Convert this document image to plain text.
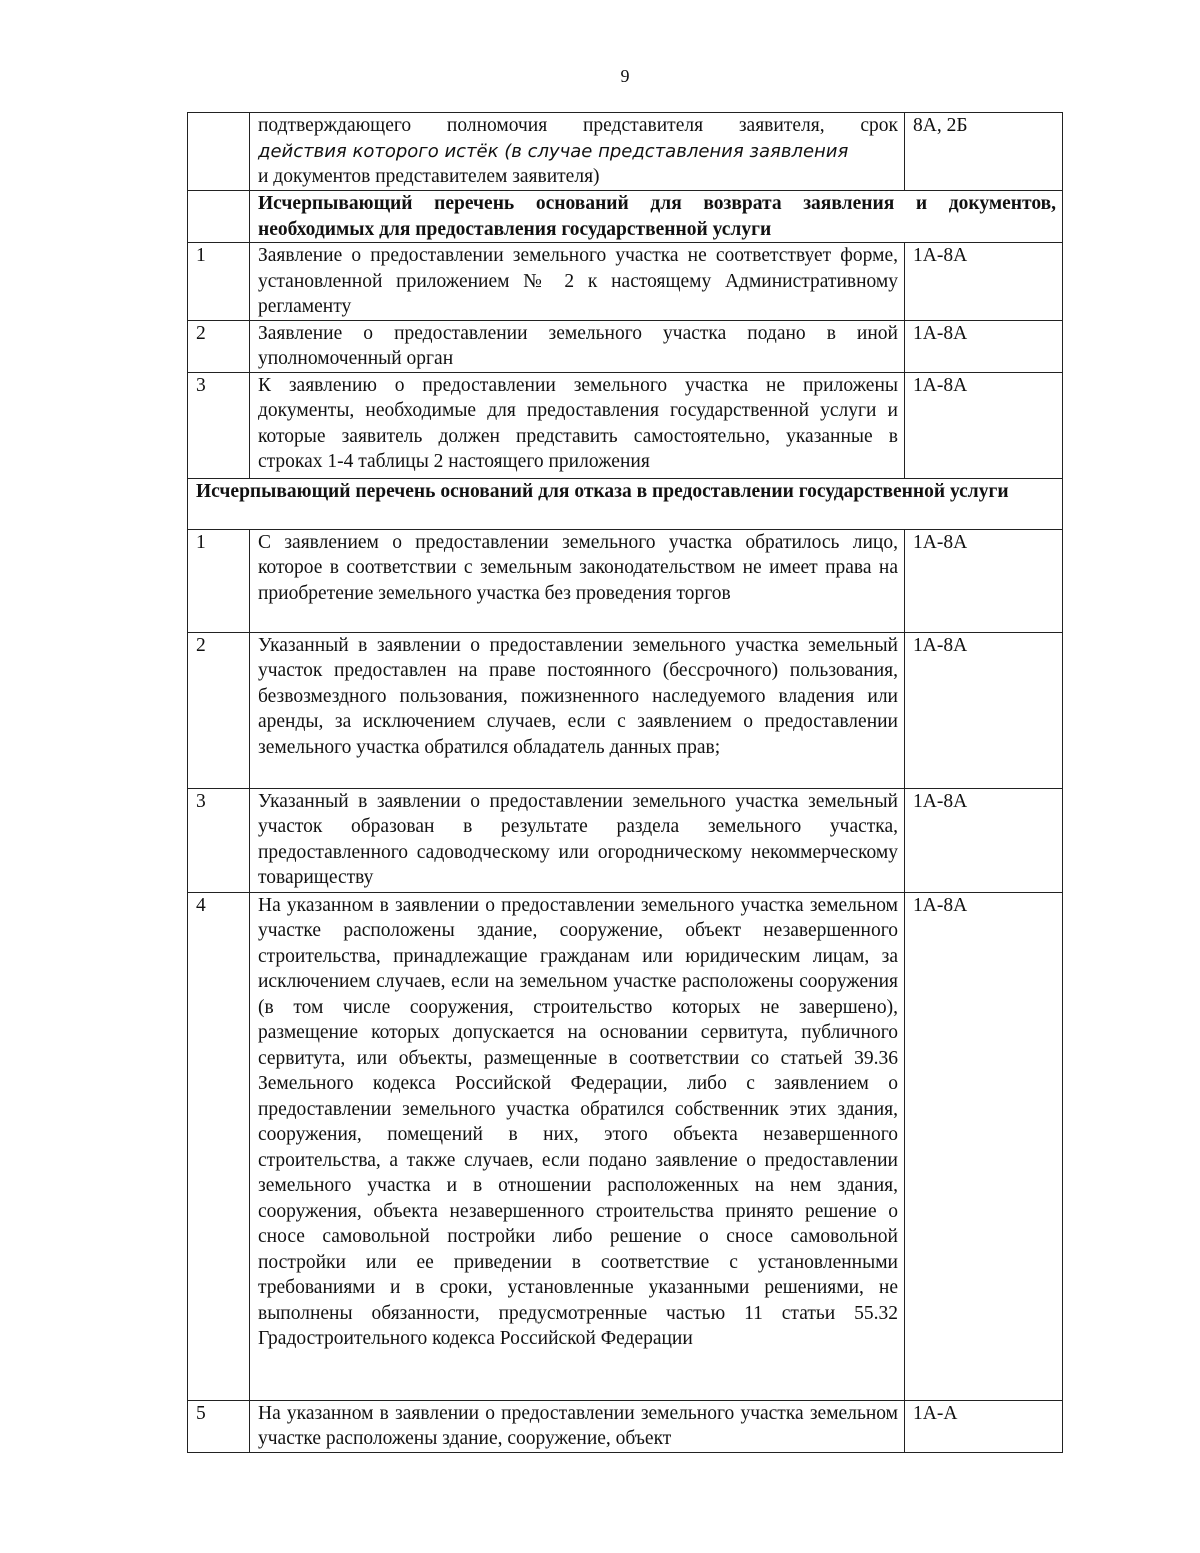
9

	подтверждающего полномочия представителя заявителя, срок
действия которого истёк (в случае представления заявления
и документов представителем заявителя)	8А, 2Б
	Исчерпывающий перечень оснований для возврата заявления и документов, необходимых для предоставления государственной услуги	
1	Заявление о предоставлении земельного участка не соответствует форме, установленной приложением № 2 к настоящему Административному регламенту	1А-8А
2	Заявление о предоставлении земельного участка подано в иной уполномоченный орган	1А-8А
3	К заявлению о предоставлении земельного участка не приложены документы, необходимые для предоставления государственной услуги и которые заявитель должен представить самостоятельно, указанные в строках 1-4 таблицы 2 настоящего приложения	1А-8А
Исчерпывающий перечень оснований для отказа в предоставлении государственной услуги		
1	С заявлением о предоставлении земельного участка обратилось лицо, которое в соответствии с земельным законодательством не имеет права на приобретение земельного участка без проведения торгов	1А-8А
2	Указанный в заявлении о предоставлении земельного участка земельный участок предоставлен на праве постоянного (бессрочного) пользования, безвозмездного пользования, пожизненного наследуемого владения или аренды, за исключением случаев, если с заявлением о предоставлении земельного участка обратился обладатель данных прав;	1А-8А
3	Указанный в заявлении о предоставлении земельного участка земельный участок образован в результате раздела земельного участка, предоставленного садоводческому или огородническому некоммерческому товариществу	1А-8А
4	На указанном в заявлении о предоставлении земельного участка земельном участке расположены здание, сооружение, объект незавершенного строительства, принадлежащие гражданам или юридическим лицам, за исключением случаев, если на земельном участке расположены сооружения (в том числе сооружения, строительство которых не завершено), размещение которых допускается на основании сервитута, публичного сервитута, или объекты, размещенные в соответствии со статьей 39.36 Земельного кодекса Российской Федерации, либо с заявлением о предоставлении земельного участка обратился собственник этих здания, сооружения, помещений в них, этого объекта незавершенного строительства, а также случаев, если подано заявление о предоставлении земельного участка и в отношении расположенных на нем здания, сооружения, объекта незавершенного строительства принято решение о сносе самовольной постройки либо решение о сносе самовольной постройки или ее приведении в соответствие с установленными требованиями и в сроки, установленные указанными решениями, не выполнены обязанности, предусмотренные частью 11 статьи 55.32 Градостроительного кодекса Российской Федерации	1А-8А
5	На указанном в заявлении о предоставлении земельного участка земельном участке расположены здание, сооружение, объект	1А-А
